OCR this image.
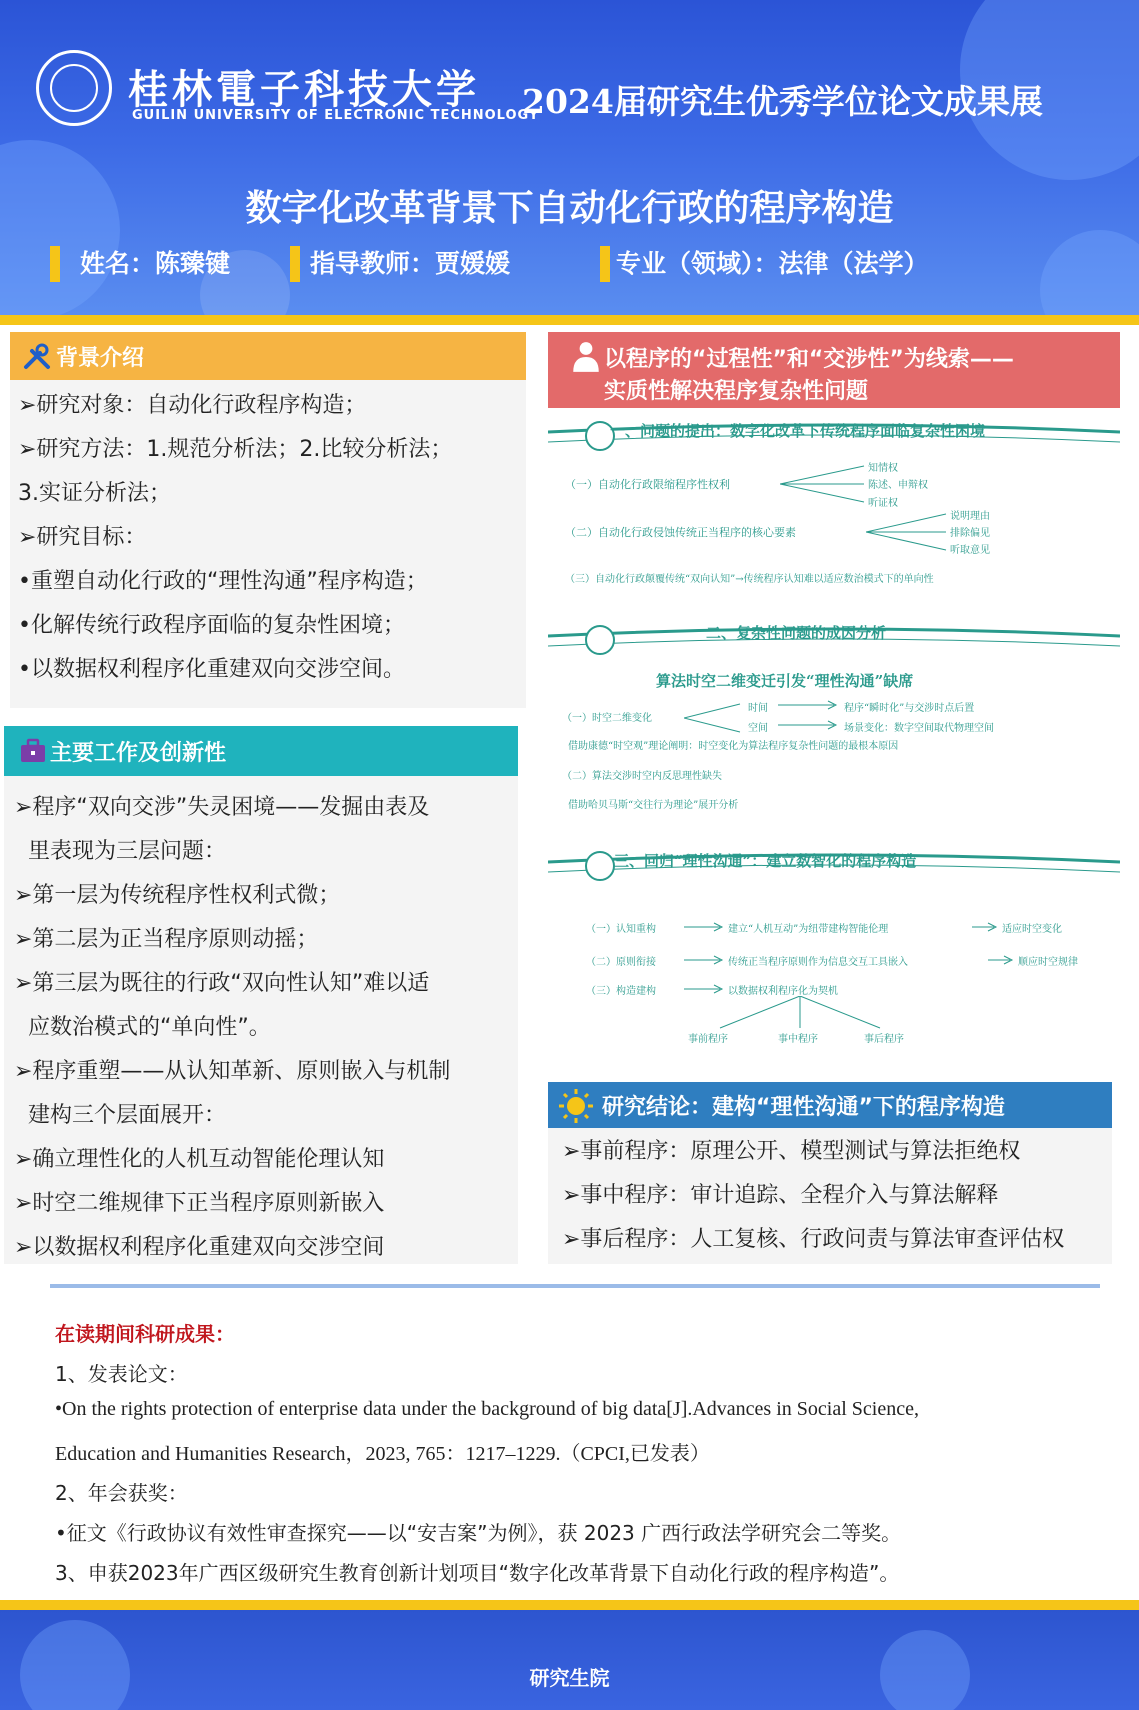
桂林電子科技大学
GUILIN UNIVERSITY OF ELECTRONIC TECHNOLOGY
2024届研究生优秀学位论文成果展
数字化改革背景下自动化行政的程序构造
姓名：陈臻键	指导教师：贾媛媛	专业（领域）：法律（法学）
背景介绍
➢研究对象：自动化行政程序构造；
➢研究方法：1.规范分析法；2.比较分析法；
3.实证分析法；
➢研究目标：
•重塑自动化行政的“理性沟通”程序构造；
•化解传统行政程序面临的复杂性困境；
•以数据权利程序化重建双向交涉空间。
主要工作及创新性
➢程序“双向交涉”失灵困境——发掘由表及
里表现为三层问题：
➢第一层为传统程序性权利式微；
➢第二层为正当程序原则动摇；
➢第三层为既往的行政“双向性认知”难以适
应数治模式的“单向性”。
➢程序重塑——从认知革新、原则嵌入与机制
建构三个层面展开：
➢确立理性化的人机互动智能伦理认知
➢时空二维规律下正当程序原则新嵌入
➢以数据权利程序化重建双向交涉空间
以程序的“过程性”和“交涉性”为线索——
实质性解决程序复杂性问题
一、问题的提出：数字化改革下传统程序面临复杂性困境
（一）自动化行政限缩程序性权利
知情权
陈述、申辩权
听证权
（二）自动化行政侵蚀传统正当程序的核心要素
说明理由
排除偏见
听取意见
（三）自动化行政颠覆传统“双向认知”→传统程序认知难以适应数治模式下的单向性
二、复杂性问题的成因分析
算法时空二维变迁引发“理性沟通”缺席
（一）时空二维变化
时间	程序“瞬时化”与交涉时点后置
空间	场景变化：数字空间取代物理空间
借助康德“时空观”理论阐明：时空变化为算法程序复杂性问题的最根本原因
（二）算法交涉时空内反思理性缺失
借助哈贝马斯“交往行为理论”展开分析
三、回归“理性沟通”：建立数智化的程序构造
（一）认知重构	建立“人机互动”为纽带建构智能伦理	适应时空变化
（二）原则衔接	传统正当程序原则作为信息交互工具嵌入	顺应时空规律
（三）构造建构	以数据权利程序化为契机
事前程序	事中程序	事后程序
研究结论：建构“理性沟通”下的程序构造
➢事前程序：原理公开、模型测试与算法拒绝权
➢事中程序：审计追踪、全程介入与算法解释
➢事后程序：人工复核、行政问责与算法审查评估权
在读期间科研成果：
1、发表论文：
•On the rights protection of enterprise data under the background of big data[J].Advances in Social Science,
Education and Humanities Research，2023, 765：1217–1229.（CPCI,已发表）
2、年会获奖：
•征文《行政协议有效性审查探究——以“安吉案”为例》，获 2023 广西行政法学研究会二等奖。
3、申获2023年广西区级研究生教育创新计划项目“数字化改革背景下自动化行政的程序构造”。
研究生院
